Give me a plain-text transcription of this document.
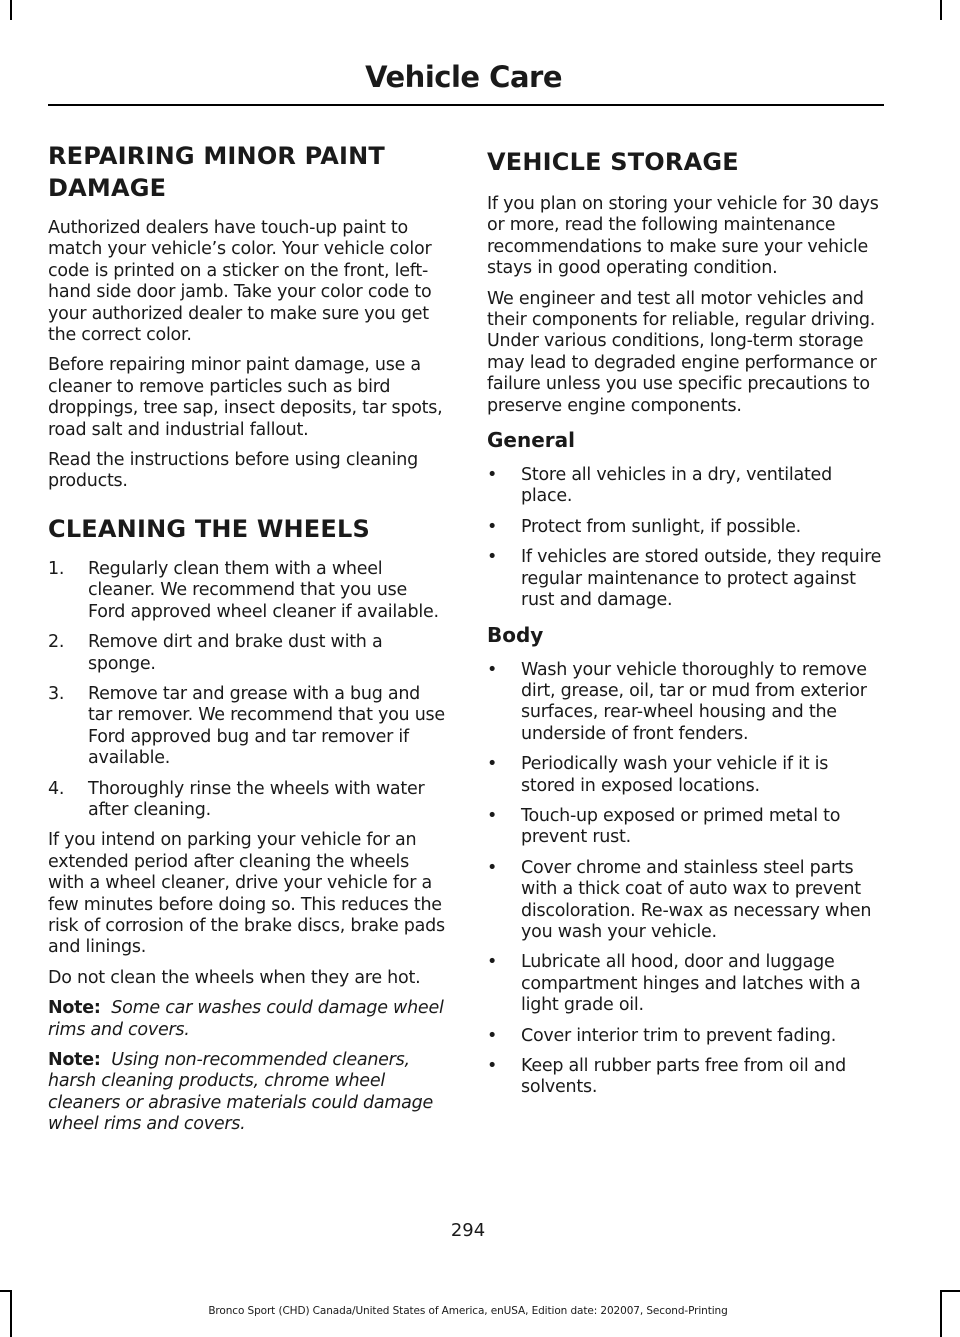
Vehicle Care
REPAIRING MINOR PAINT DAMAGE

Authorized dealers have touch-up paint to match your vehicle’s color. Your vehicle color code is printed on a sticker on the front, left-hand side door jamb. Take your color code to your authorized dealer to make sure you get the correct color.

Before repairing minor paint damage, use a cleaner to remove particles such as bird droppings, tree sap, insect deposits, tar spots, road salt and industrial fallout.

Read the instructions before using cleaning products.

CLEANING THE WHEELS
1. Regularly clean them with a wheel cleaner. We recommend that you use Ford approved wheel cleaner if available.
2. Remove dirt and brake dust with a sponge.
3. Remove tar and grease with a bug and tar remover. We recommend that you use Ford approved bug and tar remover if available.
4. Thoroughly rinse the wheels with water after cleaning.

If you intend on parking your vehicle for an extended period after cleaning the wheels with a wheel cleaner, drive your vehicle for a few minutes before doing so. This reduces the risk of corrosion of the brake discs, brake pads and linings.

Do not clean the wheels when they are hot.

Note: Some car washes could damage wheel rims and covers.

Note: Using non-recommended cleaners, harsh cleaning products, chrome wheel cleaners or abrasive materials could damage wheel rims and covers.

VEHICLE STORAGE

If you plan on storing your vehicle for 30 days or more, read the following maintenance recommendations to make sure your vehicle stays in good operating condition.

We engineer and test all motor vehicles and their components for reliable, regular driving. Under various conditions, long-term storage may lead to degraded engine performance or failure unless you use specific precautions to preserve engine components.

General
• Store all vehicles in a dry, ventilated place.
• Protect from sunlight, if possible.
• If vehicles are stored outside, they require regular maintenance to protect against rust and damage.
Body
• Wash your vehicle thoroughly to remove dirt, grease, oil, tar or mud from exterior surfaces, rear-wheel housing and the underside of front fenders.
• Periodically wash your vehicle if it is stored in exposed locations.
• Touch-up exposed or primed metal to prevent rust.
• Cover chrome and stainless steel parts with a thick coat of auto wax to prevent discoloration. Re-wax as necessary when you wash your vehicle.
• Lubricate all hood, door and luggage compartment hinges and latches with a light grade oil.
• Cover interior trim to prevent fading.
• Keep all rubber parts free from oil and solvents.
294
Bronco Sport (CHD) Canada/United States of America, enUSA, Edition date: 202007, Second-Printing
